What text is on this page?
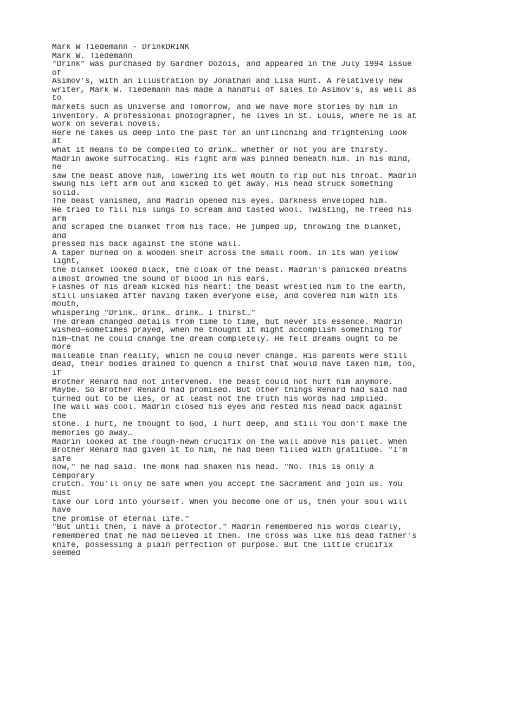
Mark W Tiedemann - DrinkDRINK
Mark W. Tiedemann
"Drink" was purchased by Gardner Dozois, and appeared in the July 1994 issue
of
Asimov's, with an illustration by Jonathan and Lisa Hunt. A relatively new
writer, Mark W. Tiedemann has made a handful of sales to Asimov's, as well as
to
markets such as Universe and Tomorrow, and we have more stories by him in
inventory. A professional photographer, he lives in St. Louis, where he is at
work on several novels.
Here he takes us deep into the past for an unflinching and frightening look
at
what it means to be compelled to drink… whether or not you are thirsty.
Madrin awoke suffocating. His right arm was pinned beneath him. In his mind,
he
saw the beast above him, lowering its wet mouth to rip out his throat. Madrin
swung his left arm out and kicked to get away. His head struck something
solid.
The beast vanished, and Madrin opened his eyes. Darkness enveloped him.
He tried to fill his lungs to scream and tasted wool. Twisting, he freed his
arm
and scraped the blanket from his face. He jumped up, throwing the blanket,
and
pressed his back against the stone wall.
A taper burned on a wooden shelf across the small room. In its wan yellow
light,
the blanket looked black, the cloak of the beast. Madrin's panicked breaths
almost drowned the sound of blood in his ears.
Flashes of his dream kicked his heart: the beast wrestled him to the earth,
still unslaked after having taken everyone else, and covered him with its
mouth,
whispering "Drink… drink… drink… I thirst…"
The dream changed details from time to time, but never its essence. Madrin
wished—sometimes prayed, when he thought it might accomplish something for
him—that he could change the dream completely. He felt dreams ought to be
more
malleable than reality, which he could never change. His parents were still
dead, their bodies drained to quench a thirst that would have taken him, too,
if
Brother Renard had not intervened. The beast could not hurt him anymore.
Maybe. So Brother Renard had promised. But other things Renard had said had
turned out to be lies, or at least not the truth his words had implied.
The wall was cool. Madrin closed his eyes and rested his head back against
the
stone. I hurt, he thought to God, I hurt deep, and still You don't make the
memories go away…
Madrin looked at the rough-hewn crucifix on the wall above his pallet. When
Brother Renard had given it to him, he had been filled with gratitude. "I'm
safe
now," he had said. The monk had shaken his head. "No. This is only a
temporary
crutch. You'll only be safe when you accept the Sacrament and join us. You
must
take our Lord into yourself. When you become one of us, then your soul will
have
the promise of eternal life."
"But until then, I have a protector." Madrin remembered his words clearly,
remembered that he had believed it then. The cross was like his dead father's
knife, possessing a plain perfection of purpose. But the little crucifix
seemed
